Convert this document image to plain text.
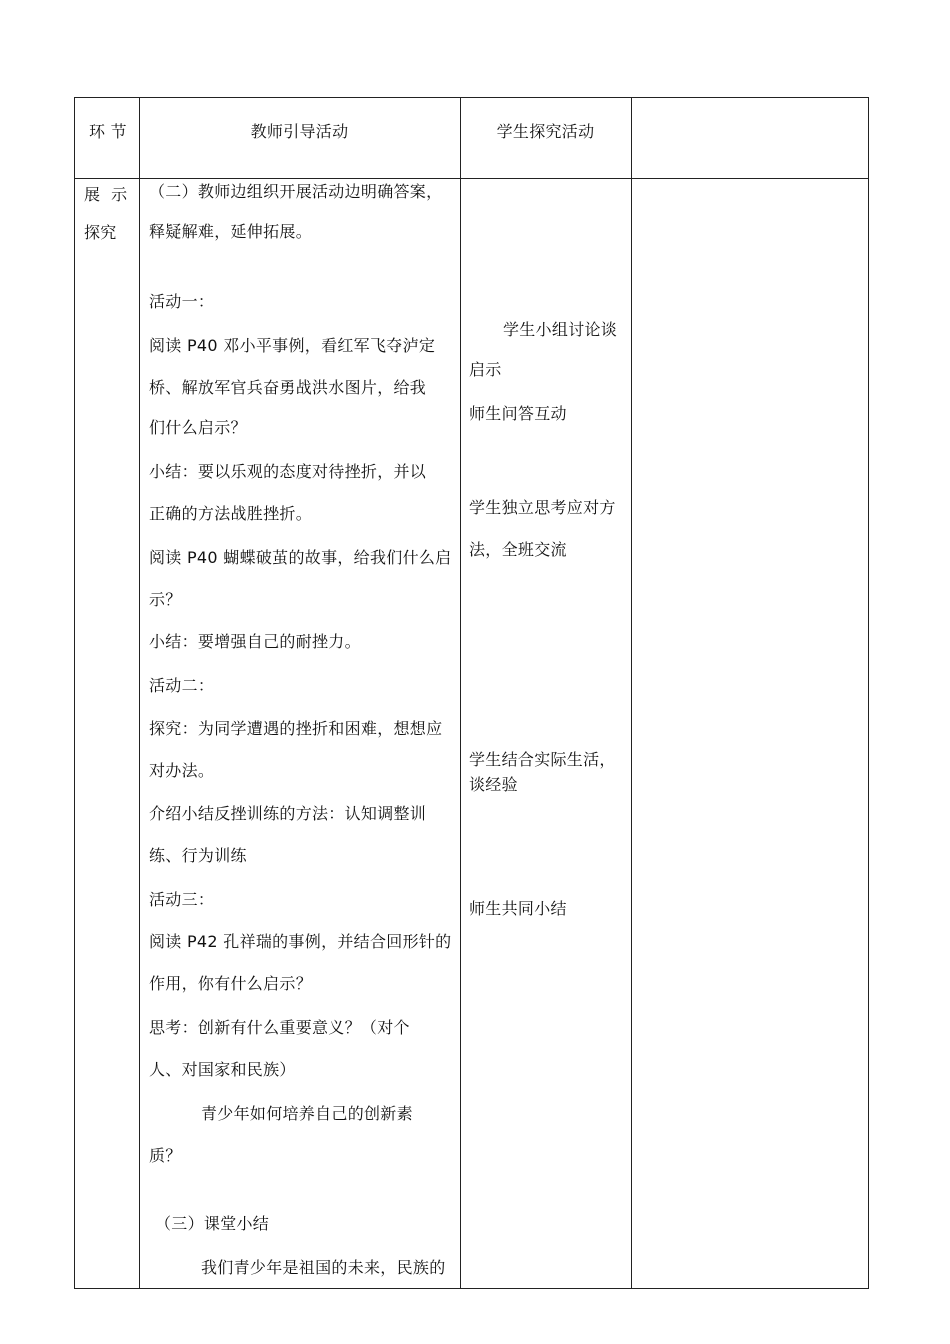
环 节	教师引导活动	学生探究活动
展  示
探究
（二）教师边组织开展活动边明确答案，
释疑解难，延伸拓展。
活动一：
阅读 P40 邓小平事例，看红军飞夺泸定
桥、解放军官兵奋勇战洪水图片，给我
们什么启示？
小结：要以乐观的态度对待挫折，并以
正确的方法战胜挫折。
阅读 P40 蝴蝶破茧的故事，给我们什么启
示？
小结：要增强自己的耐挫力。
活动二：
探究：为同学遭遇的挫折和困难，想想应
对办法。
介绍小结反挫训练的方法：认知调整训
练、行为训练
活动三：
阅读 P42 孔祥瑞的事例，并结合回形针的
作用，你有什么启示？
思考：创新有什么重要意义？（对个
人、对国家和民族）
青少年如何培养自己的创新素
质？
（三）课堂小结
我们青少年是祖国的未来，民族的
学生小组讨论谈
启示
师生问答互动
学生独立思考应对方
法，全班交流
学生结合实际生活，
谈经验
师生共同小结
